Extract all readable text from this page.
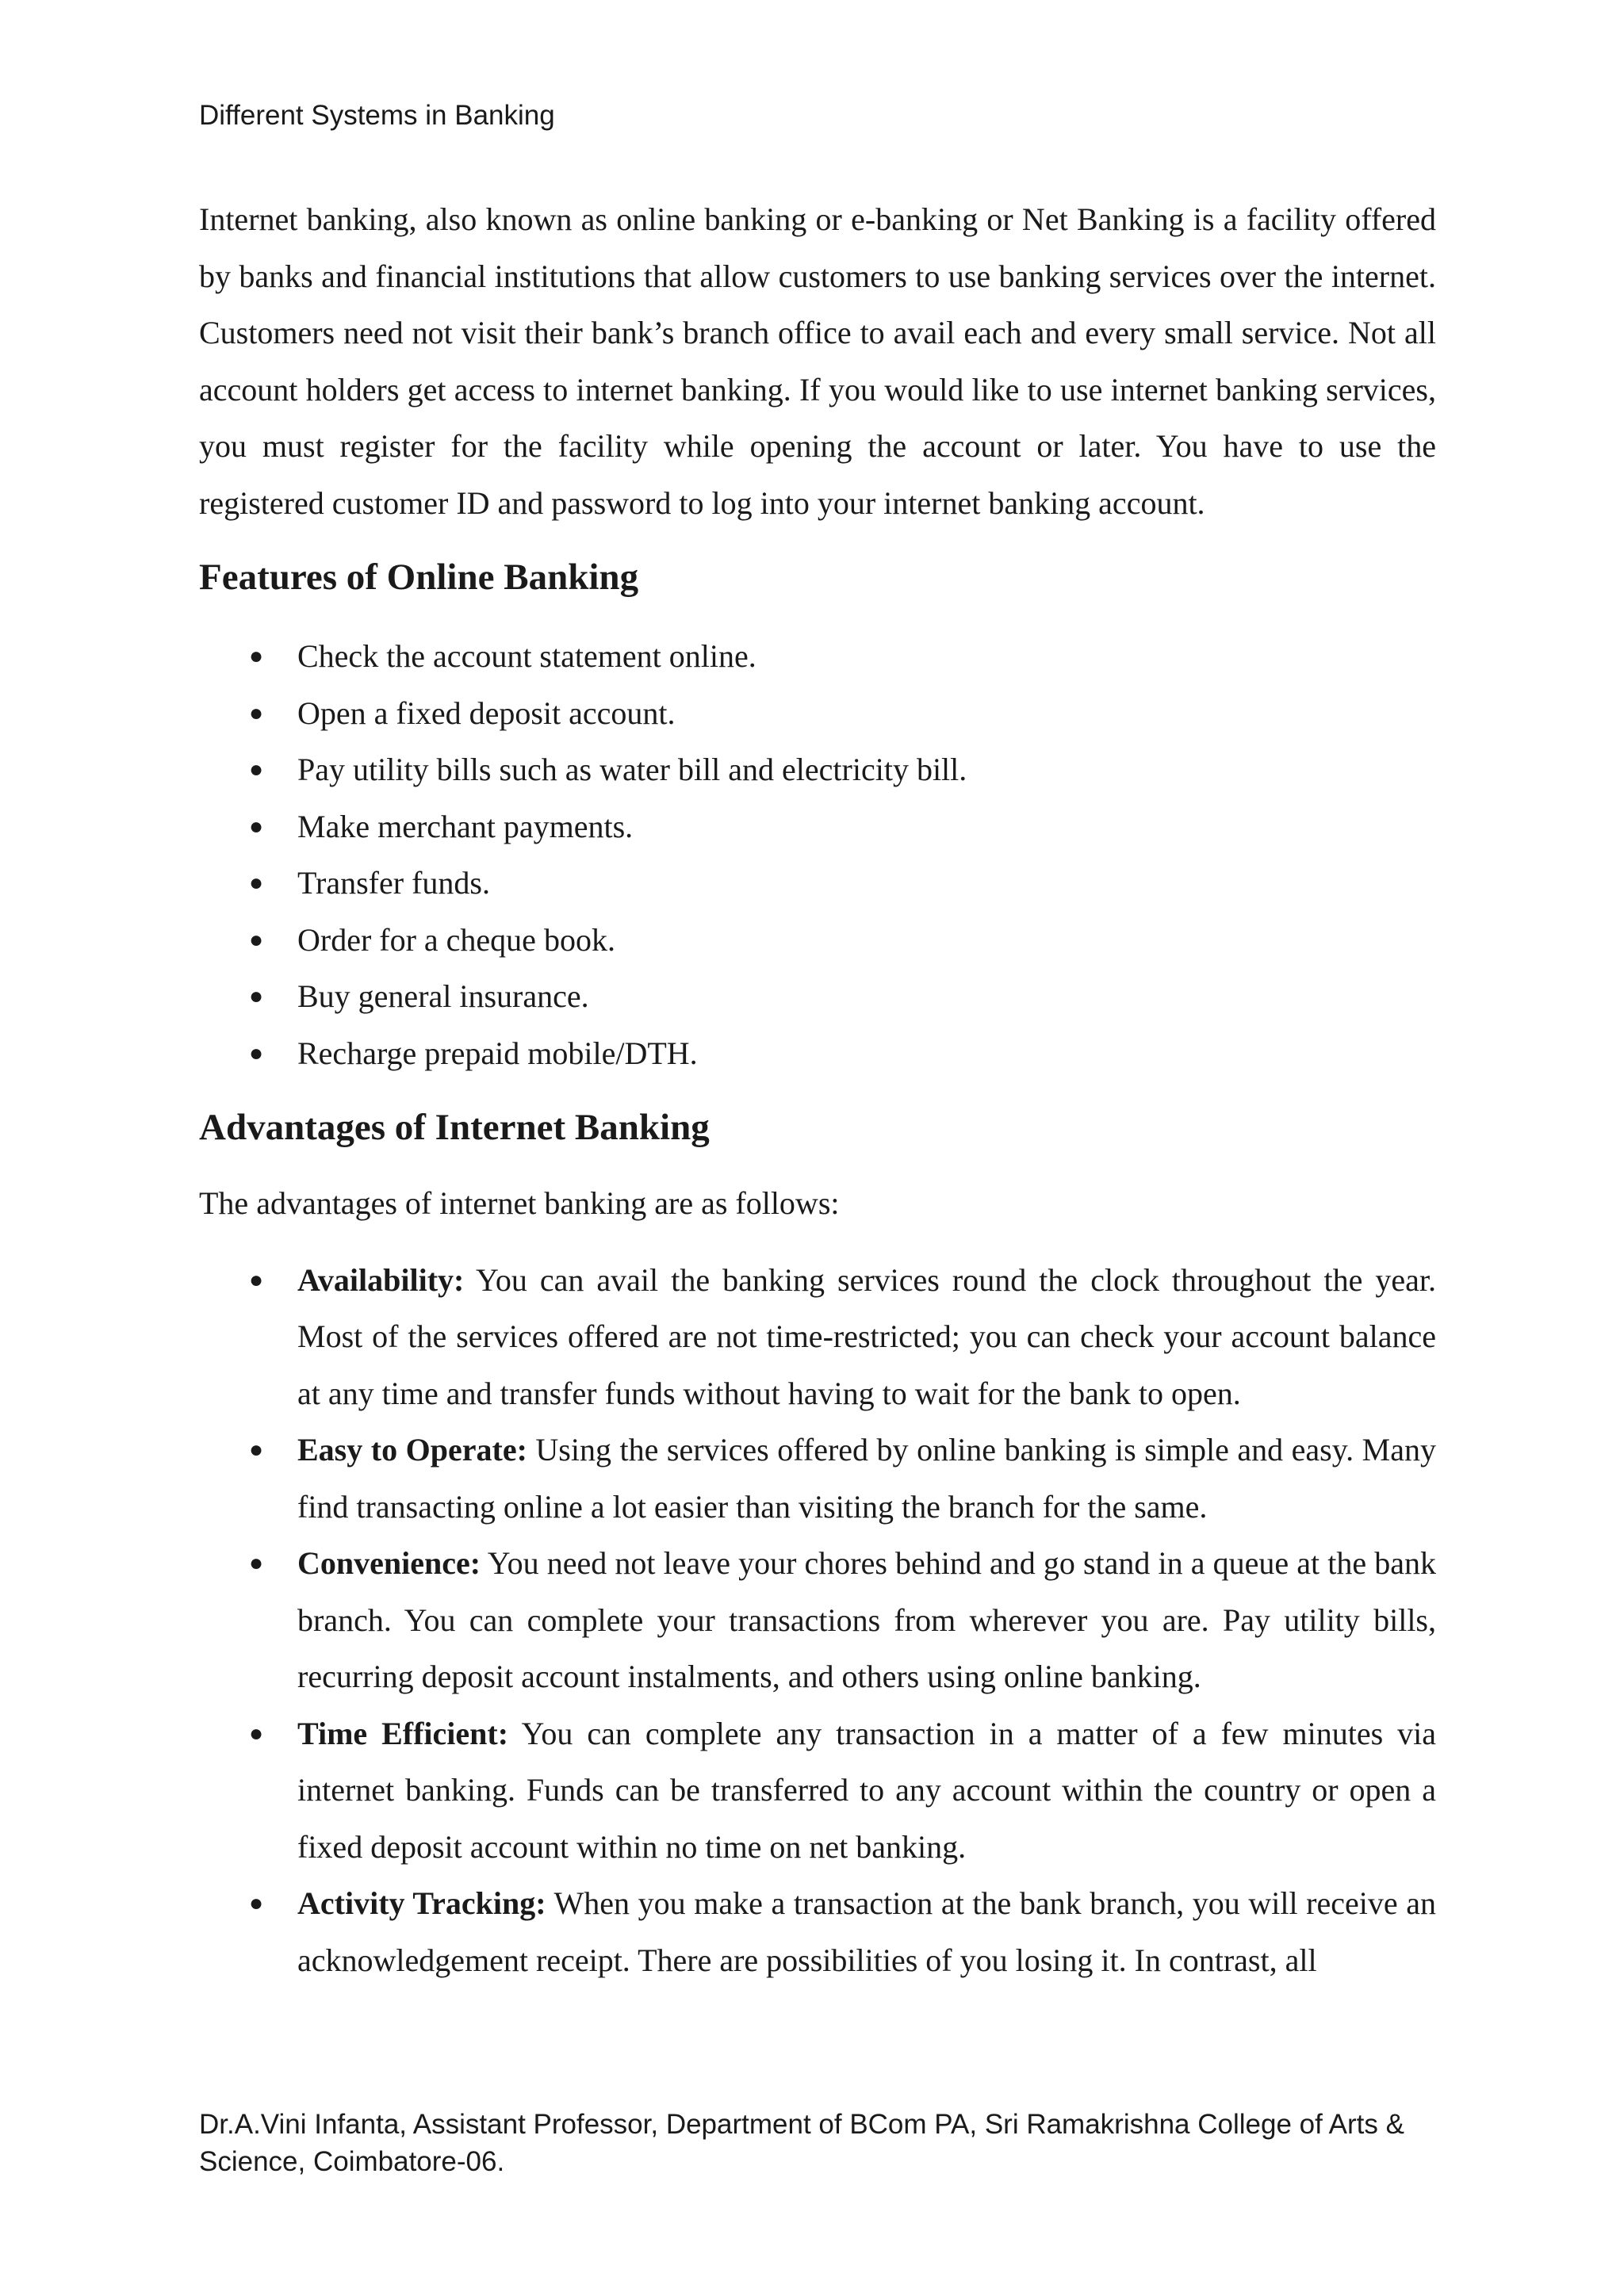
Different Systems in Banking

Internet banking, also known as online banking or e-banking or Net Banking is a facility offered by banks and financial institutions that allow customers to use banking services over the internet. Customers need not visit their bank’s branch office to avail each and every small service. Not all account holders get access to internet banking. If you would like to use internet banking services, you must register for the facility while opening the account or later. You have to use the registered customer ID and password to log into your internet banking account.

Features of Online Banking
● Check the account statement online.
● Open a fixed deposit account.
● Pay utility bills such as water bill and electricity bill.
● Make merchant payments.
● Transfer funds.
● Order for a cheque book.
● Buy general insurance.
● Recharge prepaid mobile/DTH.
Advantages of Internet Banking

The advantages of internet banking are as follows:

● Availability: You can avail the banking services round the clock throughout the year. Most of the services offered are not time-restricted; you can check your account balance at any time and transfer funds without having to wait for the bank to open.
● Easy to Operate: Using the services offered by online banking is simple and easy. Many find transacting online a lot easier than visiting the branch for the same.
● Convenience: You need not leave your chores behind and go stand in a queue at the bank branch. You can complete your transactions from wherever you are. Pay utility bills, recurring deposit account instalments, and others using online banking.
● Time Efficient: You can complete any transaction in a matter of a few minutes via internet banking. Funds can be transferred to any account within the country or open a fixed deposit account within no time on net banking.
● Activity Tracking: When you make a transaction at the bank branch, you will receive an acknowledgement receipt. There are possibilities of you losing it. In contrast, all
Dr.A.Vini Infanta, Assistant Professor, Department of BCom PA, Sri Ramakrishna College of Arts &
Science, Coimbatore-06.
